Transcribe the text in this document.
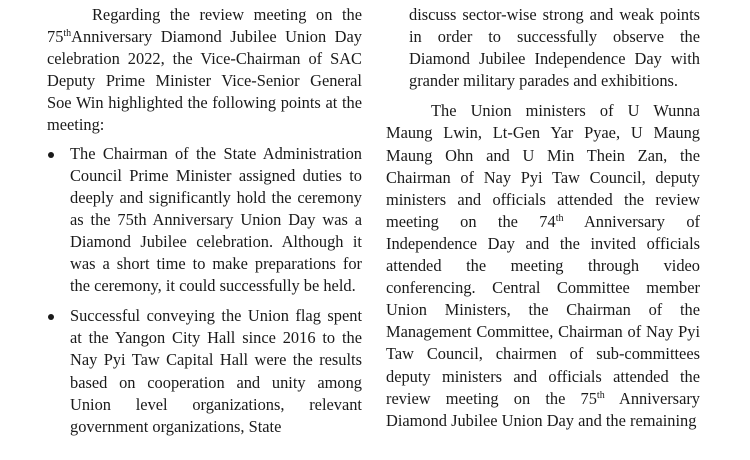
Regarding the review meeting on the 75thAnniversary Diamond Jubilee Union Day celebration 2022, the Vice-Chairman of SAC Deputy Prime Minister Vice-Senior General Soe Win highlighted the following points at the meeting:

The Chairman of the State Administration Council Prime Minister assigned duties to deeply and significantly hold the ceremony as the 75th Anniversary Union Day was a Diamond Jubilee celebration. Although it was a short time to make preparations for the ceremony, it could successfully be held.
Successful conveying the Union flag spent at the Yangon City Hall since 2016 to the Nay Pyi Taw Capital Hall were the results based on cooperation and unity among Union level organizations, relevant government organizations, State

discuss sector-wise strong and weak points in order to successfully observe the Diamond Jubilee Independence Day with grander military parades and exhibitions.

The Union ministers of U Wunna Maung Lwin, Lt-Gen Yar Pyae, U Maung Maung Ohn and U Min Thein Zan, the Chairman of Nay Pyi Taw Council, deputy ministers and officials attended the review meeting on the 74th Anniversary of Independence Day and the invited officials attended the meeting through video conferencing. Central Committee member Union Ministers, the Chairman of the Management Committee, Chairman of Nay Pyi Taw Council, chairmen of sub-committees deputy ministers and officials attended the review meeting on the 75th Anniversary Diamond Jubilee Union Day and the remaining
